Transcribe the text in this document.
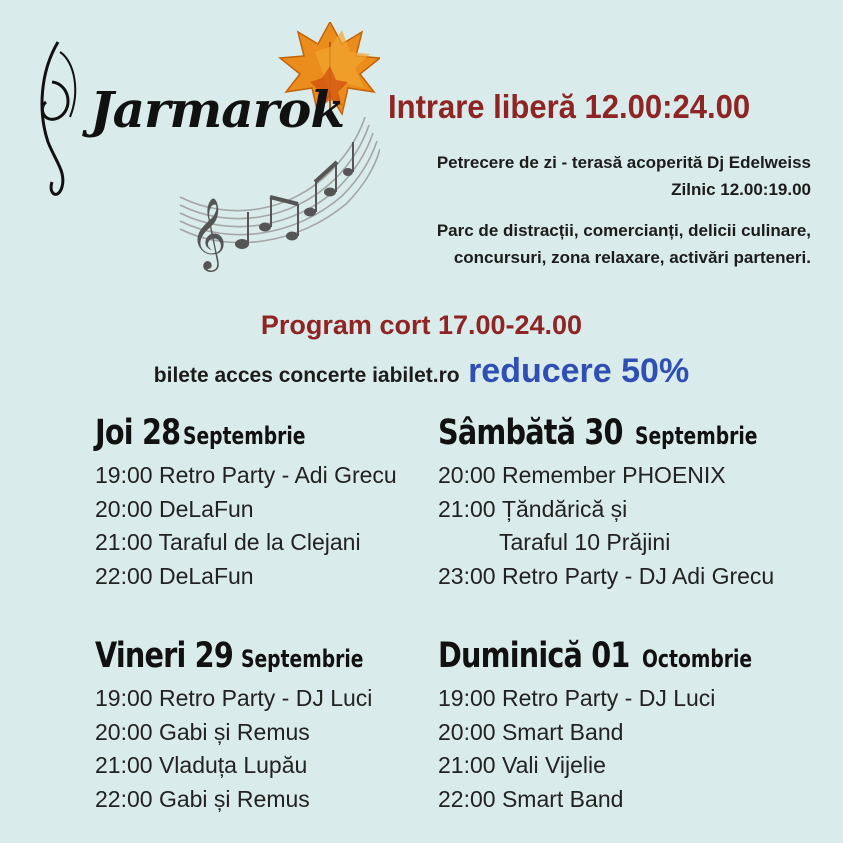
𝄞
Jarmarok Intrare liberă 12.00:24.00
Petrecere de zi - terasă acoperită Dj Edelweiss
Zilnic 12.00:19.00
Parc de distracții, comercianți, delicii culinare,
concursuri, zona relaxare, activări parteneri.
Program cort 17.00-24.00
bilete acces concerte iabilet.ro reducere 50%
Joi 28 Septembrie
19:00 Retro Party - Adi Grecu
20:00 DeLaFun
21:00 Taraful de la Clejani
22:00 DeLaFun
Sâmbătă 30 Septembrie
20:00 Remember PHOENIX
21:00 Țăndărică și
Taraful 10 Prăjini
23:00 Retro Party - DJ Adi Grecu
Vineri 29 Septembrie
19:00 Retro Party - DJ Luci
20:00 Gabi și Remus
21:00 Vladuța Lupău
22:00 Gabi și Remus
Duminică 01 Octombrie
19:00 Retro Party - DJ Luci
20:00 Smart Band
21:00 Vali Vijelie
22:00 Smart Band
